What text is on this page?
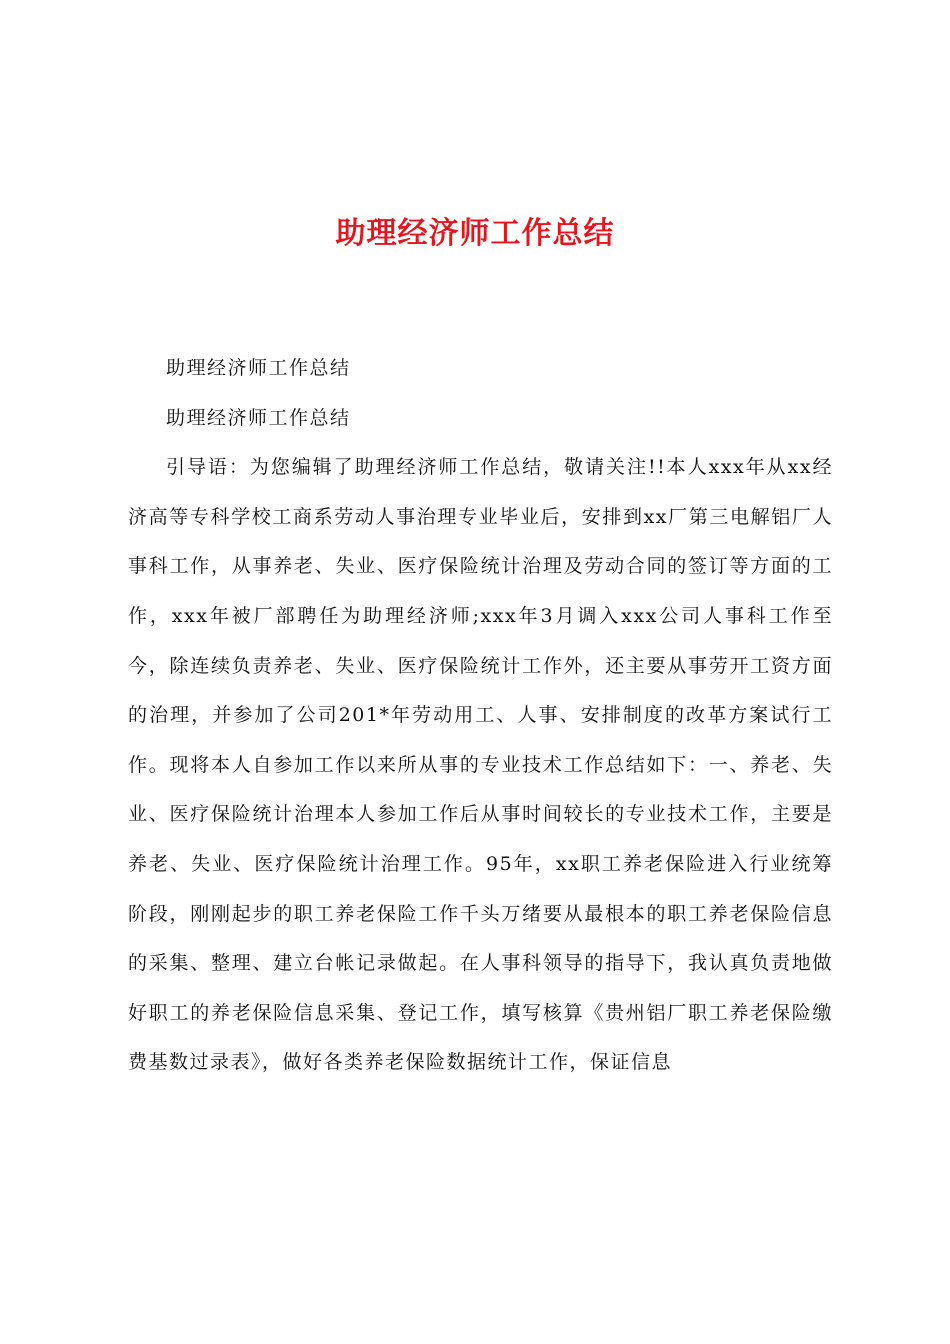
助理经济师工作总结

助理经济师工作总结

助理经济师工作总结

引导语：为您编辑了助理经济师工作总结，敬请关注!!本人xxx年从xx经济高等专科学校工商系劳动人事治理专业毕业后，安排到xx厂第三电解铝厂人事科工作，从事养老、失业、医疗保险统计治理及劳动合同的签订等方面的工作，xxx年被厂部聘任为助理经济师;xxx年3月调入xxx公司人事科工作至今，除连续负责养老、失业、医疗保险统计工作外，还主要从事劳开工资方面的治理，并参加了公司201*年劳动用工、人事、安排制度的改革方案试行工作。现将本人自参加工作以来所从事的专业技术工作总结如下：一、养老、失业、医疗保险统计治理本人参加工作后从事时间较长的专业技术工作，主要是养老、失业、医疗保险统计治理工作。95年，xx职工养老保险进入行业统筹阶段，刚刚起步的职工养老保险工作千头万绪要从最根本的职工养老保险信息的采集、整理、建立台帐记录做起。在人事科领导的指导下，我认真负责地做好职工的养老保险信息采集、登记工作，填写核算《贵州铝厂职工养老保险缴费基数过录表》，做好各类养老保险数据统计工作，保证信息
